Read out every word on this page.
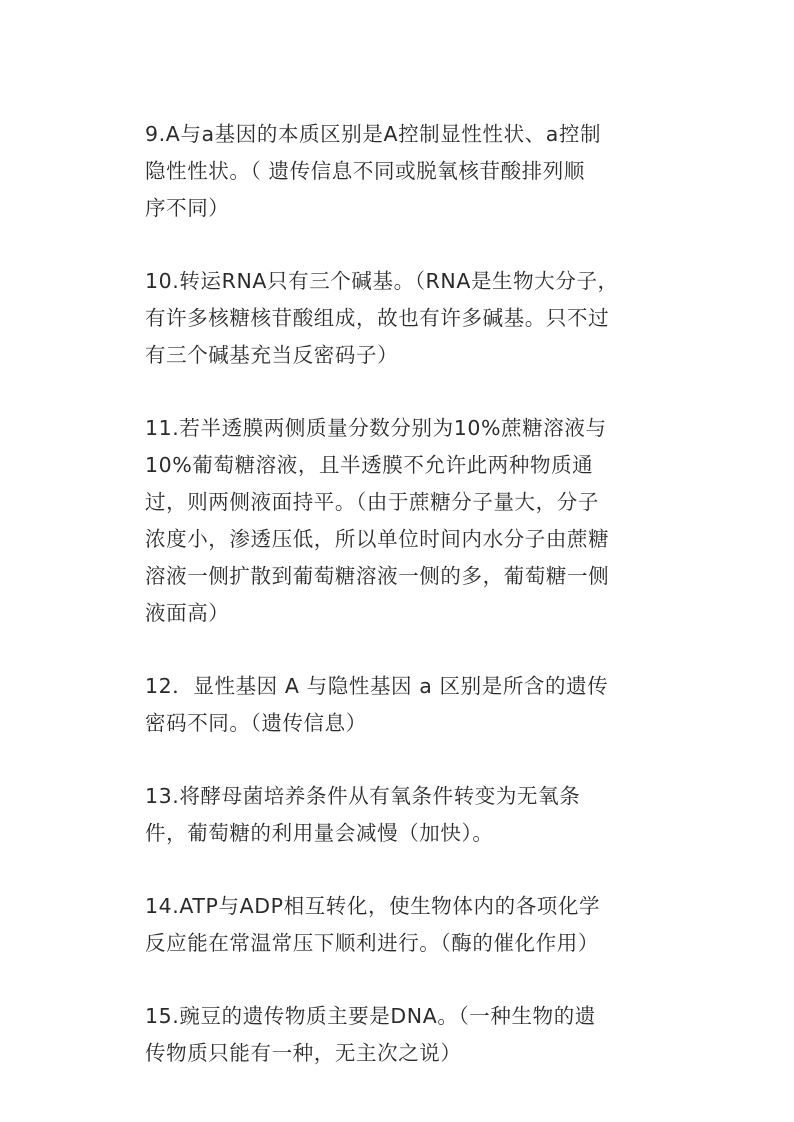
9.A与a基因的本质区别是A控制显性性状、a控制
隐性性状。（ 遗传信息不同或脱氧核苷酸排列顺
序不同）
10.转运RNA只有三个碱基。（RNA是生物大分子，
有许多核糖核苷酸组成，故也有许多碱基。只不过
有三个碱基充当反密码子）
11.若半透膜两侧质量分数分别为10%蔗糖溶液与
10%葡萄糖溶液，且半透膜不允许此两种物质通
过，则两侧液面持平。（由于蔗糖分子量大，分子
浓度小，渗透压低，所以单位时间内水分子由蔗糖
溶液一侧扩散到葡萄糖溶液一侧的多，葡萄糖一侧
液面高）
12．显性基因 A 与隐性基因 a 区别是所含的遗传
密码不同。（遗传信息）
13.将酵母菌培养条件从有氧条件转变为无氧条
件，葡萄糖的利用量会减慢（加快）。
14.ATP与ADP相互转化，使生物体内的各项化学
反应能在常温常压下顺利进行。（酶的催化作用）
15.豌豆的遗传物质主要是DNA。（一种生物的遗
传物质只能有一种，无主次之说）
